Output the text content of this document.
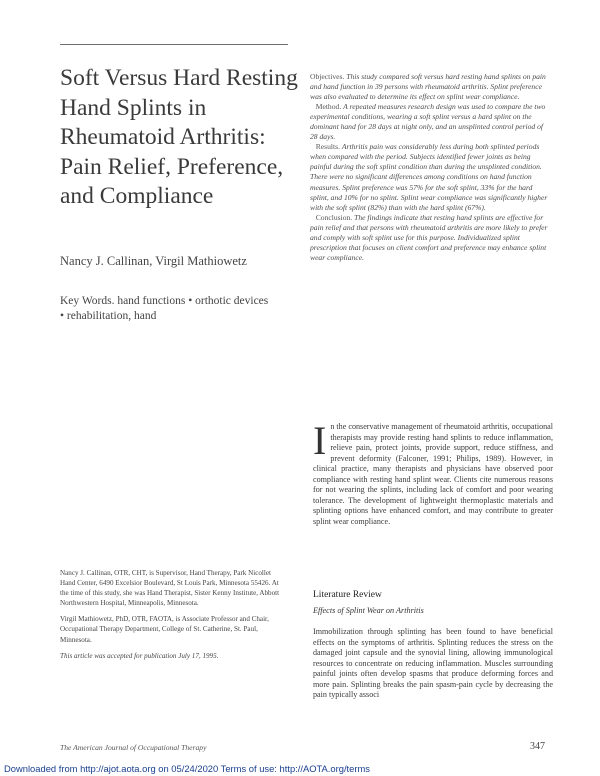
Soft Versus Hard Resting
Hand Splints in
Rheumatoid Arthritis:
Pain Relief, Preference,
and Compliance
Nancy J. Callinan, Virgil Mathiowetz
Key Words. hand functions • orthotic devices
• rehabilitation, hand

Objectives. This study compared soft versus hard resting hand splints on pain and hand function in 39 persons with rheumatoid arthritis. Splint preference was also evaluated to determine its effect on splint wear compliance.

Method. A repeated measures research design was used to compare the two experimental conditions, wearing a soft splint versus a hard splint on the dominant hand for 28 days at night only, and an unsplinted control period of 28 days.

Results. Arthritis pain was considerably less during both splinted periods when compared with the period. Subjects identified fewer joints as being painful during the soft splint condition than during the unsplinted condition. There were no significant differences among conditions on hand function measures. Splint preference was 57% for the soft splint, 33% for the hard splint, and 10% for no splint. Splint wear compliance was significantly higher with the soft splint (82%) than with the hard splint (67%).

Conclusion. The findings indicate that resting hand splints are effective for pain relief and that persons with rheumatoid arthritis are more likely to prefer and comply with soft splint use for this purpose. Individualized splint prescription that focuses on client comfort and preference may enhance splint wear compliance.

I n the conservative management of rheumatoid arthritis, occupational therapists may provide resting hand splints to reduce inflammation, relieve pain, protect joints, provide support, reduce stiffness, and prevent deformity (Falconer, 1991; Philips, 1989). However, in clinical practice, many therapists and physicians have observed poor compliance with resting hand splint wear. Clients cite numerous reasons for not wearing the splints, including lack of comfort and poor wearing tolerance. The development of lightweight thermoplastic materials and splinting options have enhanced comfort, and may contribute to greater splint wear compliance.

Literature Review
Effects of Splint Wear on Arthritis

Immobilization through splinting has been found to have beneficial effects on the symptoms of arthritis. Splinting reduces the stress on the damaged joint capsule and the synovial lining, allowing immunological resources to concentrate on reducing inflammation. Muscles surrounding painful joints often develop spasms that produce deforming forces and more pain. Splinting breaks the pain spasm-pain cycle by decreasing the pain typically associ

Nancy J. Callinan, OTR, CHT, is Supervisor, Hand Therapy, Park Nicollet Hand Center, 6490 Excelsior Boulevard, St Louis Park, Minnesota 55426. At the time of this study, she was Hand Therapist, Sister Kenny Institute, Abbott Northwestern Hospital, Minneapolis, Minnesota.

Virgil Mathiowetz, PhD, OTR, FAOTA, is Associate Professor and Chair, Occupational Therapy Department, College of St. Catherine, St. Paul, Minnesota.

This article was accepted for publication July 17, 1995.

The American Journal of Occupational Therapy	347
Downloaded from http://ajot.aota.org on 05/24/2020 Terms of use: http://AOTA.org/terms
